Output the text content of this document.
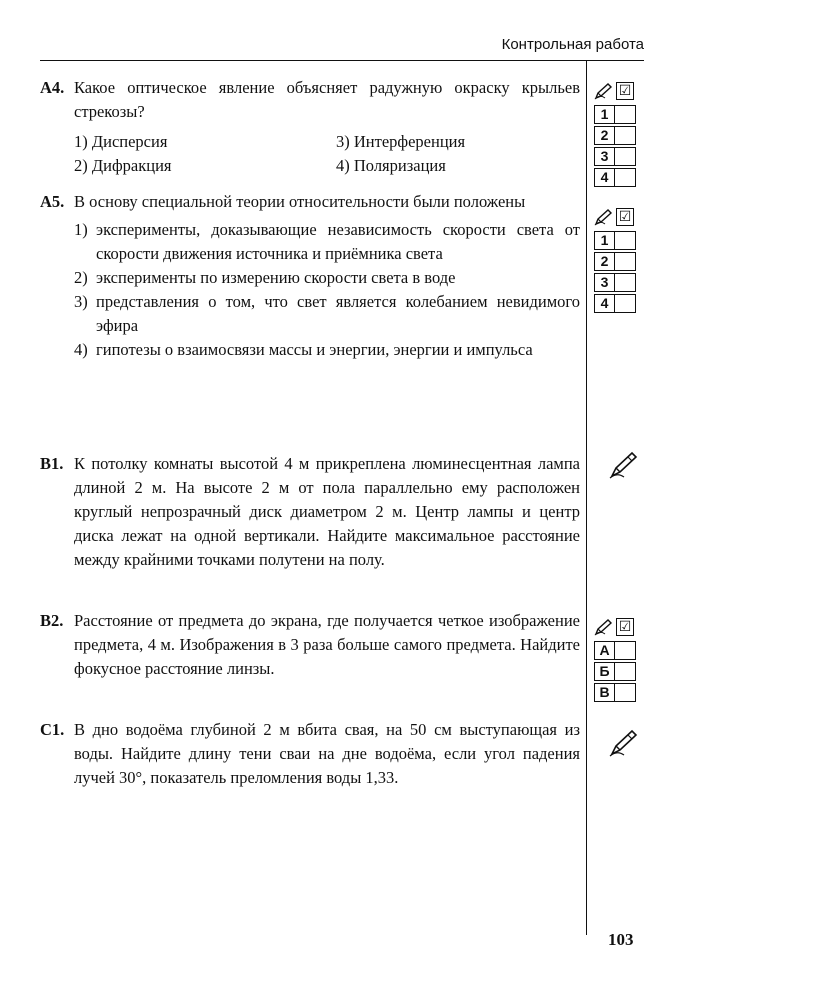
Контрольная работа
A4. Какое оптическое явление объясняет радужную окраску крыльев стрекозы?
1) Дисперсия	3) Интерференция
2) Дифракция	4) Поляризация
A5. В основу специальной теории относительности были положены
1) эксперименты, доказывающие независимость скорости света от скорости движения источника и приёмника света
2) эксперименты по измерению скорости света в воде
3) представления о том, что свет является колебанием невидимого эфира
4) гипотезы о взаимосвязи массы и энергии, энергии и импульса
B1. К потолку комнаты высотой 4 м прикреплена люминесцентная лампа длиной 2 м. На высоте 2 м от пола параллельно ему расположен круглый непрозрачный диск диаметром 2 м. Центр лампы и центр диска лежат на одной вертикали. Найдите максимальное расстояние между крайними точками полутени на полу.
B2. Расстояние от предмета до экрана, где получается четкое изображение предмета, 4 м. Изображения в 3 раза больше самого предмета. Найдите фокусное расстояние линзы.
C1. В дно водоёма глубиной 2 м вбита свая, на 50 см выступающая из воды. Найдите длину тени сваи на дне водоёма, если угол падения лучей 30°, показатель преломления воды 1,33.
☑
1
2
3
4
☑
1
2
3
4
☑
А
Б
В
103
